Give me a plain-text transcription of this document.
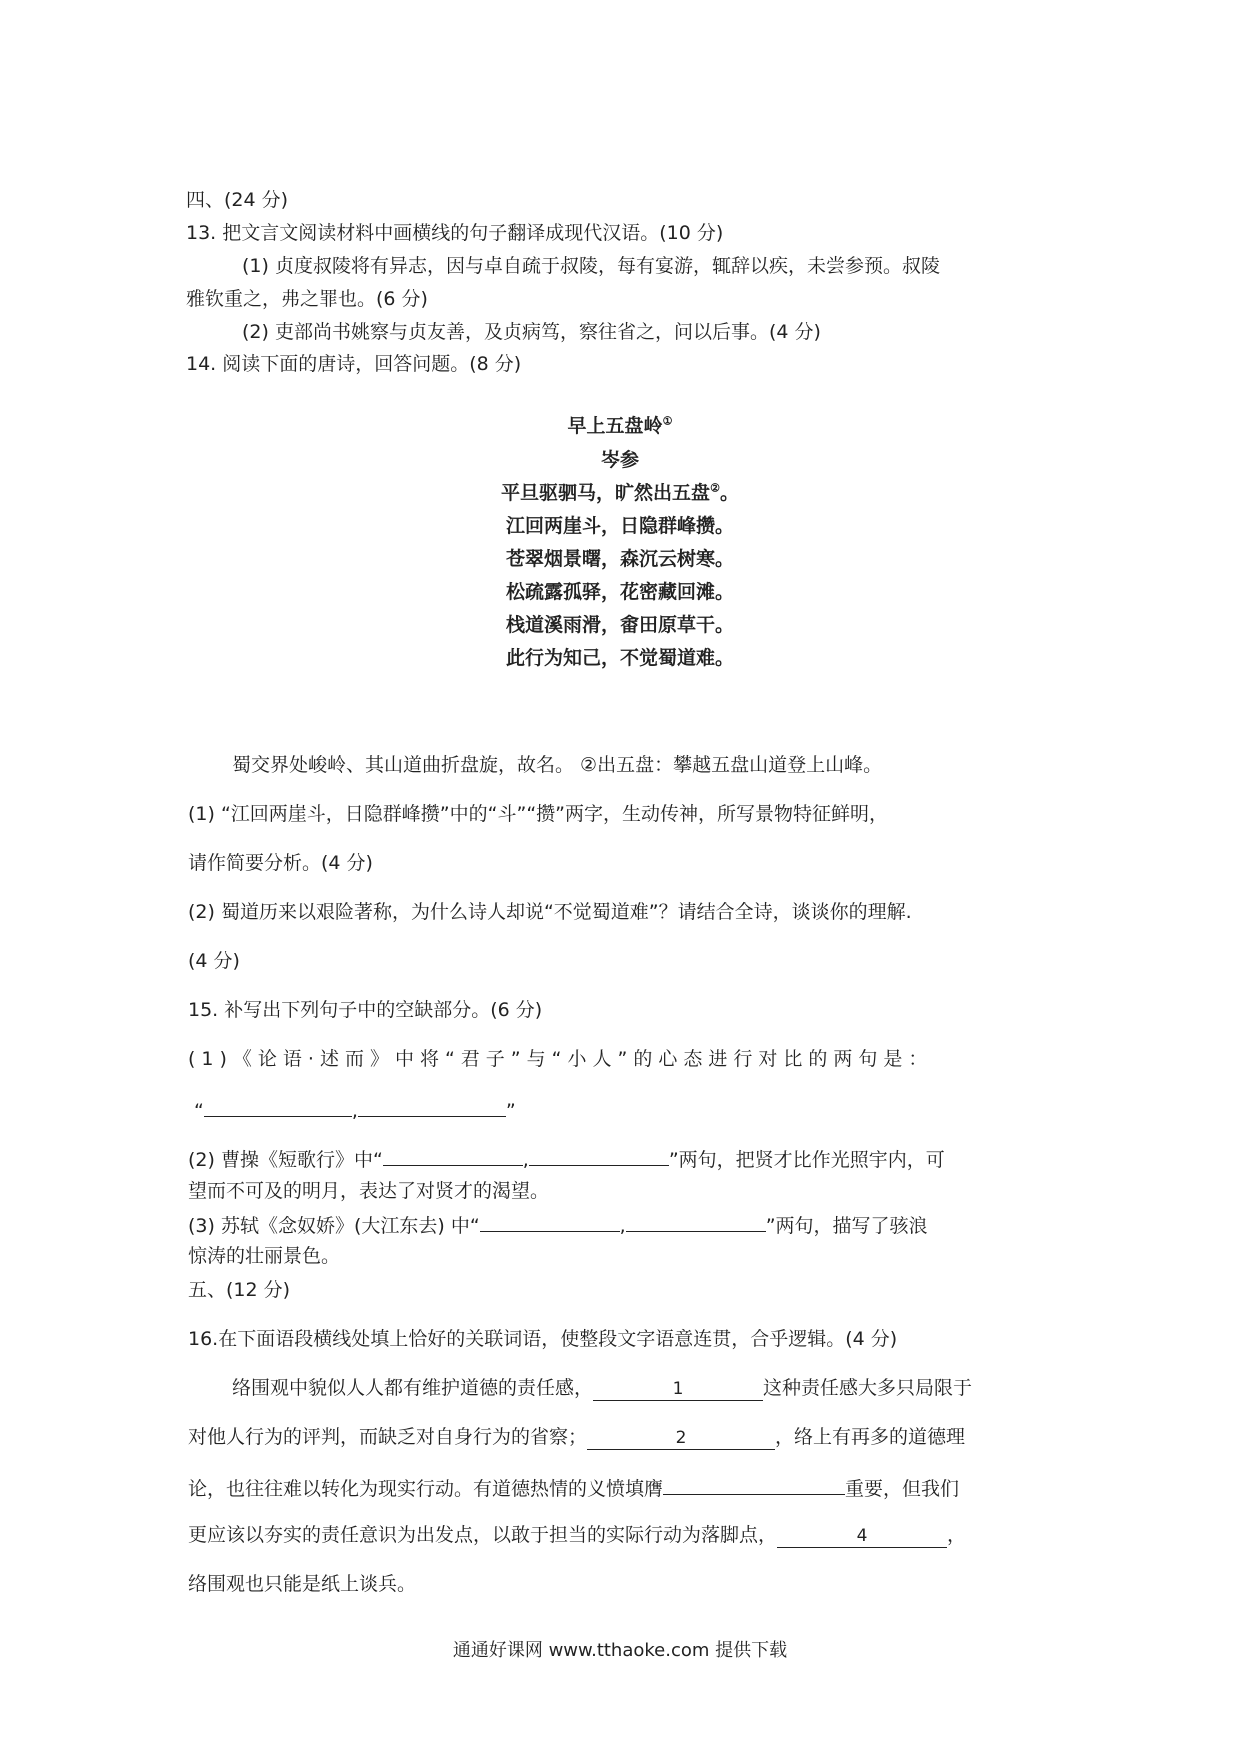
四、(24 分)
13. 把文言文阅读材料中画横线的句子翻译成现代汉语。(10 分)
(1) 贞度叔陵将有异志，因与卓自疏于叔陵，每有宴游，辄辞以疾，未尝参预。叔陵
雅钦重之，弗之罪也。(6 分)
(2) 吏部尚书姚察与贞友善，及贞病笃，察往省之，问以后事。(4 分)
14. 阅读下面的唐诗，回答问题。(8 分)
早上五盘岭①
岑参
平旦驱驷马，旷然出五盘②。
江回两崖斗，日隐群峰攒。
苍翠烟景曙，森沉云树寒。
松疏露孤驿，花密藏回滩。
栈道溪雨滑，畬田原草干。
此行为知己，不觉蜀道难。
蜀交界处峻岭、其山道曲折盘旋，故名。 ②出五盘：攀越五盘山道登上山峰。
(1) “江回两崖斗，日隐群峰攒”中的“斗”“攒”两字，生动传神，所写景物特征鲜明，
请作简要分析。(4 分)
(2) 蜀道历来以艰险著称，为什么诗人却说“不觉蜀道难”？请结合全诗，谈谈你的理解.
(4 分)
15. 补写出下列句子中的空缺部分。(6 分)
(1)《论语·述而》中将“君子”与“小人”的心态进行对比的两句是：
“	,	”
(2) 曹操《短歌行》中“	,	”两句，把贤才比作光照宇内，可
望而不可及的明月，表达了对贤才的渴望。
(3) 苏轼《念奴娇》(大江东去) 中“	,	”两句，描写了骇浪
惊涛的壮丽景色。
五、(12 分)
16.在下面语段横线处填上恰好的关联词语，使整段文字语意连贯，合乎逻辑。(4 分)
络围观中貌似人人都有维护道德的责任感，	1	这种责任感大多只局限于
对他人行为的评判，而缺乏对自身行为的省察；	2	，络上有再多的道德理
论，也往往难以转化为现实行动。有道德热情的义愤填膺	重要，但我们
更应该以夯实的责任意识为出发点，以敢于担当的实际行动为落脚点，	4	，
络围观也只能是纸上谈兵。
通通好课网 www.tthaoke.com 提供下载
